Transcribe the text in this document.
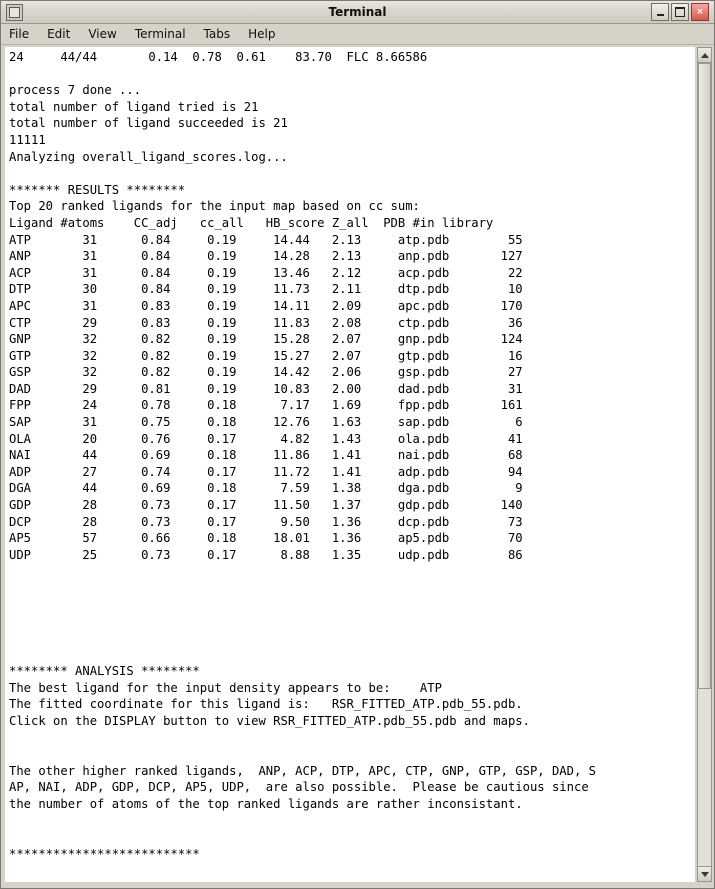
Terminal	×
File Edit View Terminal Tabs Help
24     44/44       0.14  0.78  0.61    83.70  FLC 8.66586

process 7 done ...
total number of ligand tried is 21
total number of ligand succeeded is 21
11111
Analyzing overall_ligand_scores.log...

******* RESULTS ********
Top 20 ranked ligands for the input map based on cc sum:
Ligand #atoms    CC_adj   cc_all   HB_score Z_all  PDB #in library
ATP       31      0.84     0.19     14.44   2.13     atp.pdb        55
ANP       31      0.84     0.19     14.28   2.13     anp.pdb       127
ACP       31      0.84     0.19     13.46   2.12     acp.pdb        22
DTP       30      0.84     0.19     11.73   2.11     dtp.pdb        10
APC       31      0.83     0.19     14.11   2.09     apc.pdb       170
CTP       29      0.83     0.19     11.83   2.08     ctp.pdb        36
GNP       32      0.82     0.19     15.28   2.07     gnp.pdb       124
GTP       32      0.82     0.19     15.27   2.07     gtp.pdb        16
GSP       32      0.82     0.19     14.42   2.06     gsp.pdb        27
DAD       29      0.81     0.19     10.83   2.00     dad.pdb        31
FPP       24      0.78     0.18      7.17   1.69     fpp.pdb       161
SAP       31      0.75     0.18     12.76   1.63     sap.pdb         6
OLA       20      0.76     0.17      4.82   1.43     ola.pdb        41
NAI       44      0.69     0.18     11.86   1.41     nai.pdb        68
ADP       27      0.74     0.17     11.72   1.41     adp.pdb        94
DGA       44      0.69     0.18      7.59   1.38     dga.pdb         9
GDP       28      0.73     0.17     11.50   1.37     gdp.pdb       140
DCP       28      0.73     0.17      9.50   1.36     dcp.pdb        73
AP5       57      0.66     0.18     18.01   1.36     ap5.pdb        70
UDP       25      0.73     0.17      8.88   1.35     udp.pdb        86

******** ANALYSIS ********
The best ligand for the input density appears to be:    ATP
The fitted coordinate for this ligand is:   RSR_FITTED_ATP.pdb_55.pdb.
Click on the DISPLAY button to view RSR_FITTED_ATP.pdb_55.pdb and maps.

The other higher ranked ligands,  ANP, ACP, DTP, APC, CTP, GNP, GTP, GSP, DAD, S
AP, NAI, ADP, GDP, DCP, AP5, UDP,  are also possible.  Please be cautious since
the number of atoms of the top ranked ligands are rather inconsistant.

**************************
